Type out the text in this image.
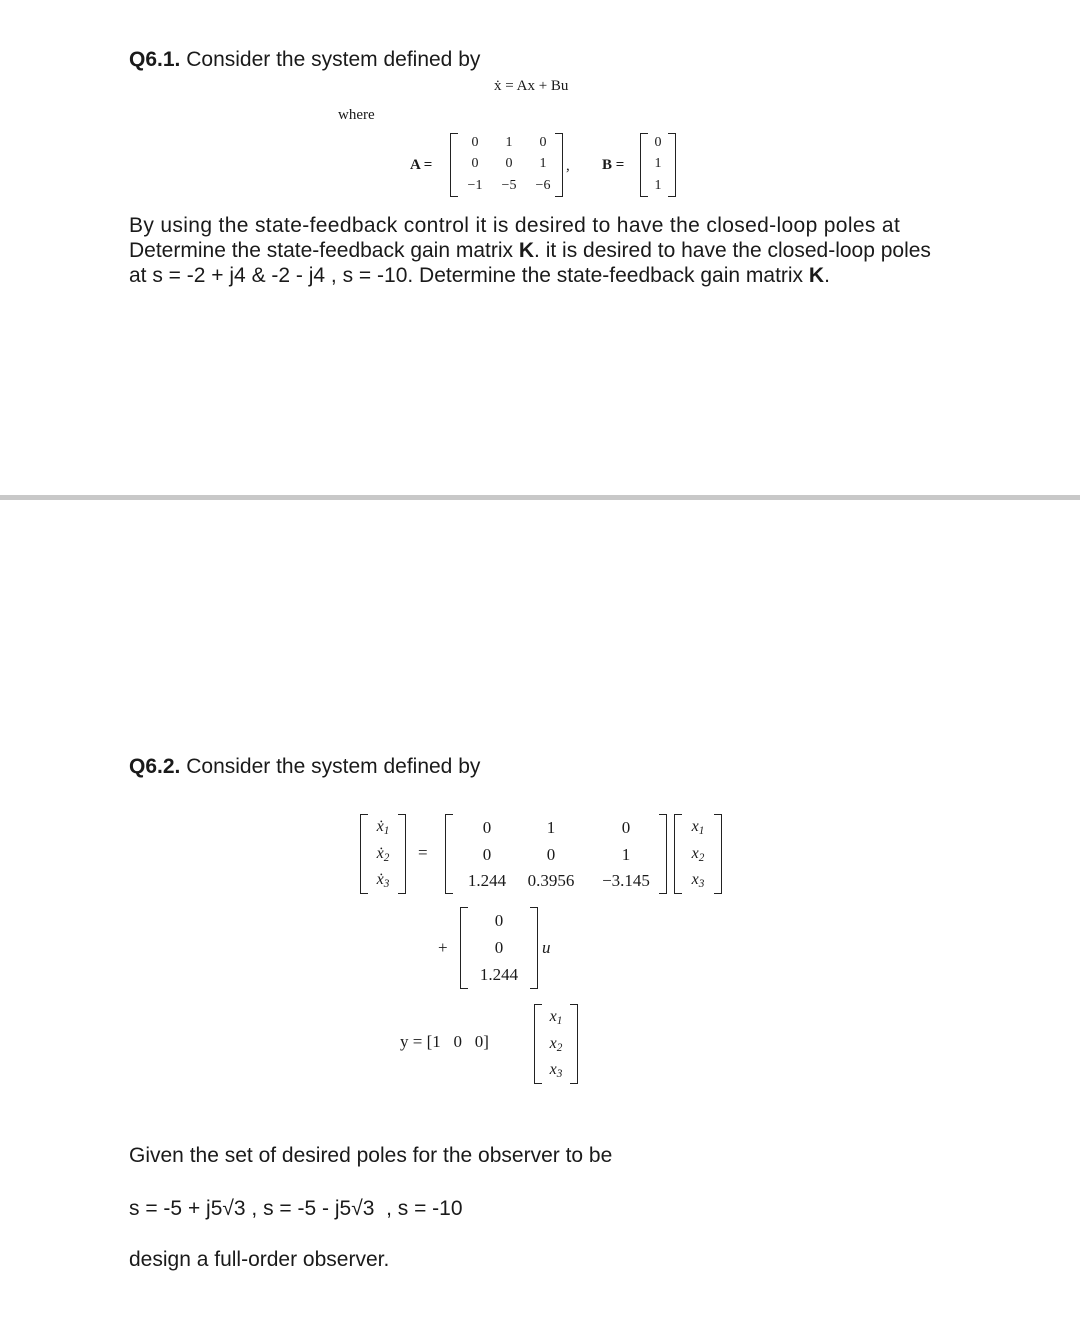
Q6.1. Consider the system defined by
ẋ = Ax + Bu
where
A =
0	1	0
0	0	1
−1	−5	−6
, B =
0
1
1
By using the state-feedback control it is desired to have the closed-loop poles at
Determine the state-feedback gain matrix K. it is desired to have the closed-loop poles
at s = -2 + j4 & -2 - j4 , s = -10. Determine the state-feedback gain matrix K.
Q6.2. Consider the system defined by
ẋ$_1$
ẋ$_2$
ẋ$_3$
=
0	1	0
0	0	1
1.244	0.3956	−3.145
$x_1$
$x_2$
$x_3$
+
0
0
1.244
u
y = [1   0   0]
$x_1$
$x_2$
$x_3$
Given the set of desired poles for the observer to be
s = -5 + j5√3 , s = -5 - j5√3  , s = -10
design a full-order observer.
